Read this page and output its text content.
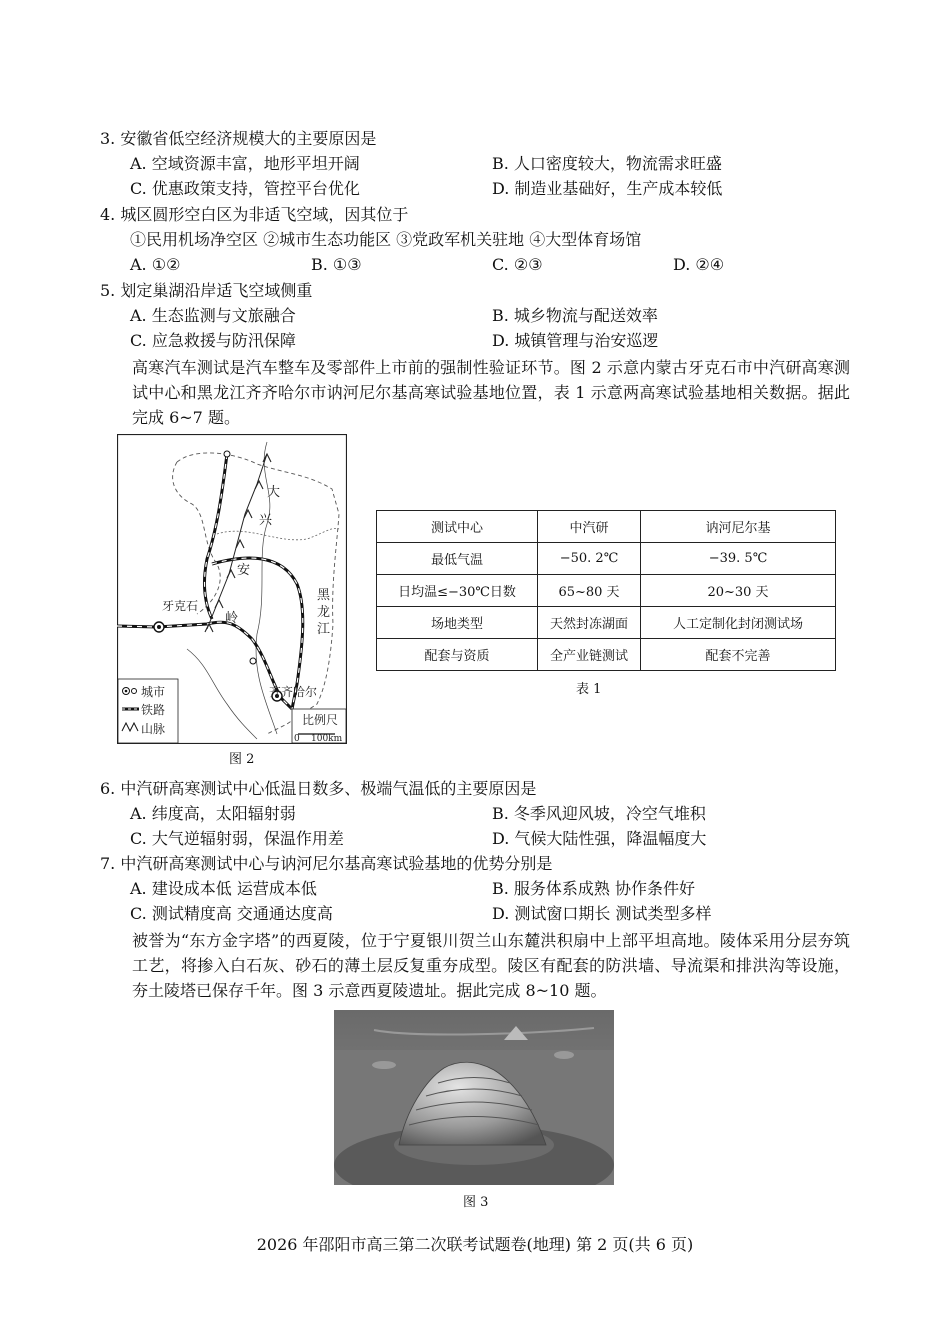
3. 安徽省低空经济规模大的主要原因是
A. 空域资源丰富，地形平坦开阔	B. 人口密度较大，物流需求旺盛
C. 优惠政策支持，管控平台优化	D. 制造业基础好，生产成本较低
4. 城区圆形空白区为非适飞空域，因其位于
①民用机场净空区 ②城市生态功能区 ③党政军机关驻地 ④大型体育场馆
A. ①②	B. ①③	C. ②③	D. ②④
5. 划定巢湖沿岸适飞空域侧重
A. 生态监测与文旅融合	B. 城乡物流与配送效率
C. 应急救援与防汛保障	D. 城镇管理与治安巡逻
高寒汽车测试是汽车整车及零部件上市前的强制性验证环节。图 2 示意内蒙古牙克石市中汽研高寒测试中心和黑龙江齐齐哈尔市讷河尼尔基高寒试验基地位置，表 1 示意两高寒试验基地相关数据。据此完成 6~7 题。
大
兴
安
岭
黑
龙
江
牙克石
齐齐哈尔
城市
铁路
山脉
比例尺
0 100km
图 2
测试中心	中汽研	讷河尼尔基
最低气温	−50. 2℃	−39. 5℃
日均温≤−30℃日数	65~80 天	20~30 天
场地类型	天然封冻湖面	人工定制化封闭测试场
配套与资质	全产业链测试	配套不完善
表 1
6. 中汽研高寒测试中心低温日数多、极端气温低的主要原因是
A. 纬度高，太阳辐射弱	B. 冬季风迎风坡，冷空气堆积
C. 大气逆辐射弱，保温作用差	D. 气候大陆性强，降温幅度大
7. 中汽研高寒测试中心与讷河尼尔基高寒试验基地的优势分别是
A. 建设成本低 运营成本低	B. 服务体系成熟 协作条件好
C. 测试精度高 交通通达度高	D. 测试窗口期长 测试类型多样
被誉为“东方金字塔”的西夏陵，位于宁夏银川贺兰山东麓洪积扇中上部平坦高地。陵体采用分层夯筑工艺，将掺入白石灰、砂石的薄土层反复重夯成型。陵区有配套的防洪墙、导流渠和排洪沟等设施，夯土陵塔已保存千年。图 3 示意西夏陵遗址。据此完成 8~10 题。
图 3
2026 年邵阳市高三第二次联考试题卷(地理) 第 2 页(共 6 页)
